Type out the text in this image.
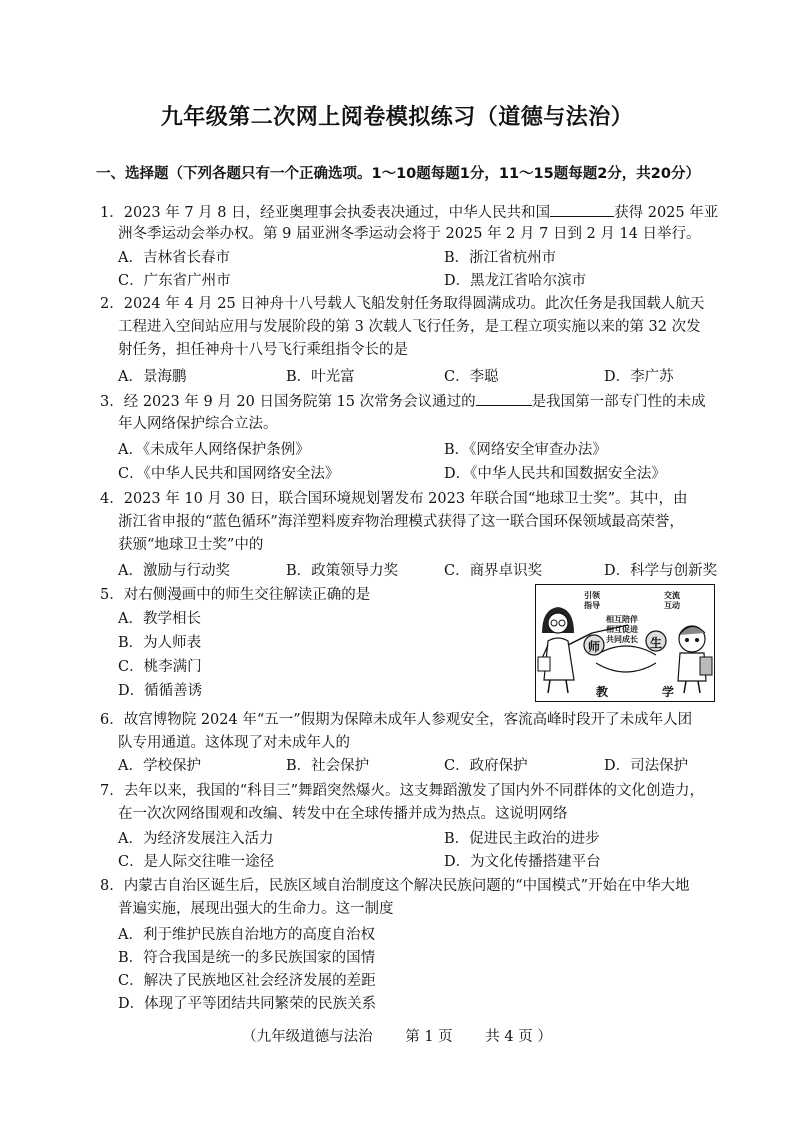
九年级第二次网上阅卷模拟练习（道德与法治）
一、选择题（下列各题只有一个正确选项。1～10题每题1分，11～15题每题2分，共20分）
1．2023 年 7 月 8 日，经亚奥理事会执委表决通过，中华人民共和国	获得 2025 年亚
洲冬季运动会举办权。第 9 届亚洲冬季运动会将于 2025 年 2 月 7 日到 2 月 14 日举行。
A．吉林省长春市	B．浙江省杭州市
C．广东省广州市	D．黑龙江省哈尔滨市
2．2024 年 4 月 25 日神舟十八号载人飞船发射任务取得圆满成功。此次任务是我国载人航天
工程进入空间站应用与发展阶段的第 3 次载人飞行任务，是工程立项实施以来的第 32 次发
射任务，担任神舟十八号飞行乘组指令长的是
A．景海鹏	B．叶光富	C．李聪	D．李广苏
3．经 2023 年 9 月 20 日国务院第 15 次常务会议通过的	是我国第一部专门性的未成
年人网络保护综合立法。
A．《未成年人网络保护条例》	B．《网络安全审查办法》
C．《中华人民共和国网络安全法》	D．《中华人民共和国数据安全法》
4．2023 年 10 月 30 日，联合国环境规划署发布 2023 年联合国“地球卫士奖”。其中，由
浙江省申报的“蓝色循环”海洋塑料废弃物治理模式获得了这一联合国环保领域最高荣誉，
获颁“地球卫士奖”中的
A．激励与行动奖	B．政策领导力奖	C．商界卓识奖	D．科学与创新奖
5．对右侧漫画中的师生交往解读正确的是
A．教学相长
B．为人师表
C．桃李满门
D．循循善诱
引领
指导
交流
互动
相互陪伴
相互促进
共同成长
师	生
教	学
6．故宫博物院 2024 年“五一”假期为保障未成年人参观安全，客流高峰时段开了未成年人团
队专用通道。这体现了对未成年人的
A．学校保护	B．社会保护	C．政府保护	D．司法保护
7．去年以来，我国的“科目三”舞蹈突然爆火。这支舞蹈激发了国内外不同群体的文化创造力，
在一次次网络围观和改编、转发中在全球传播并成为热点。这说明网络
A．为经济发展注入活力	B．促进民主政治的进步
C．是人际交往唯一途径	D．为文化传播搭建平台
8．内蒙古自治区诞生后，民族区域自治制度这个解决民族问题的“中国模式”开始在中华大地
普遍实施，展现出强大的生命力。这一制度
A．利于维护民族自治地方的高度自治权
B．符合我国是统一的多民族国家的国情
C．解决了民族地区社会经济发展的差距
D．体现了平等团结共同繁荣的民族关系
（九年级道德与法治 第 1 页 共 4 页 ）
